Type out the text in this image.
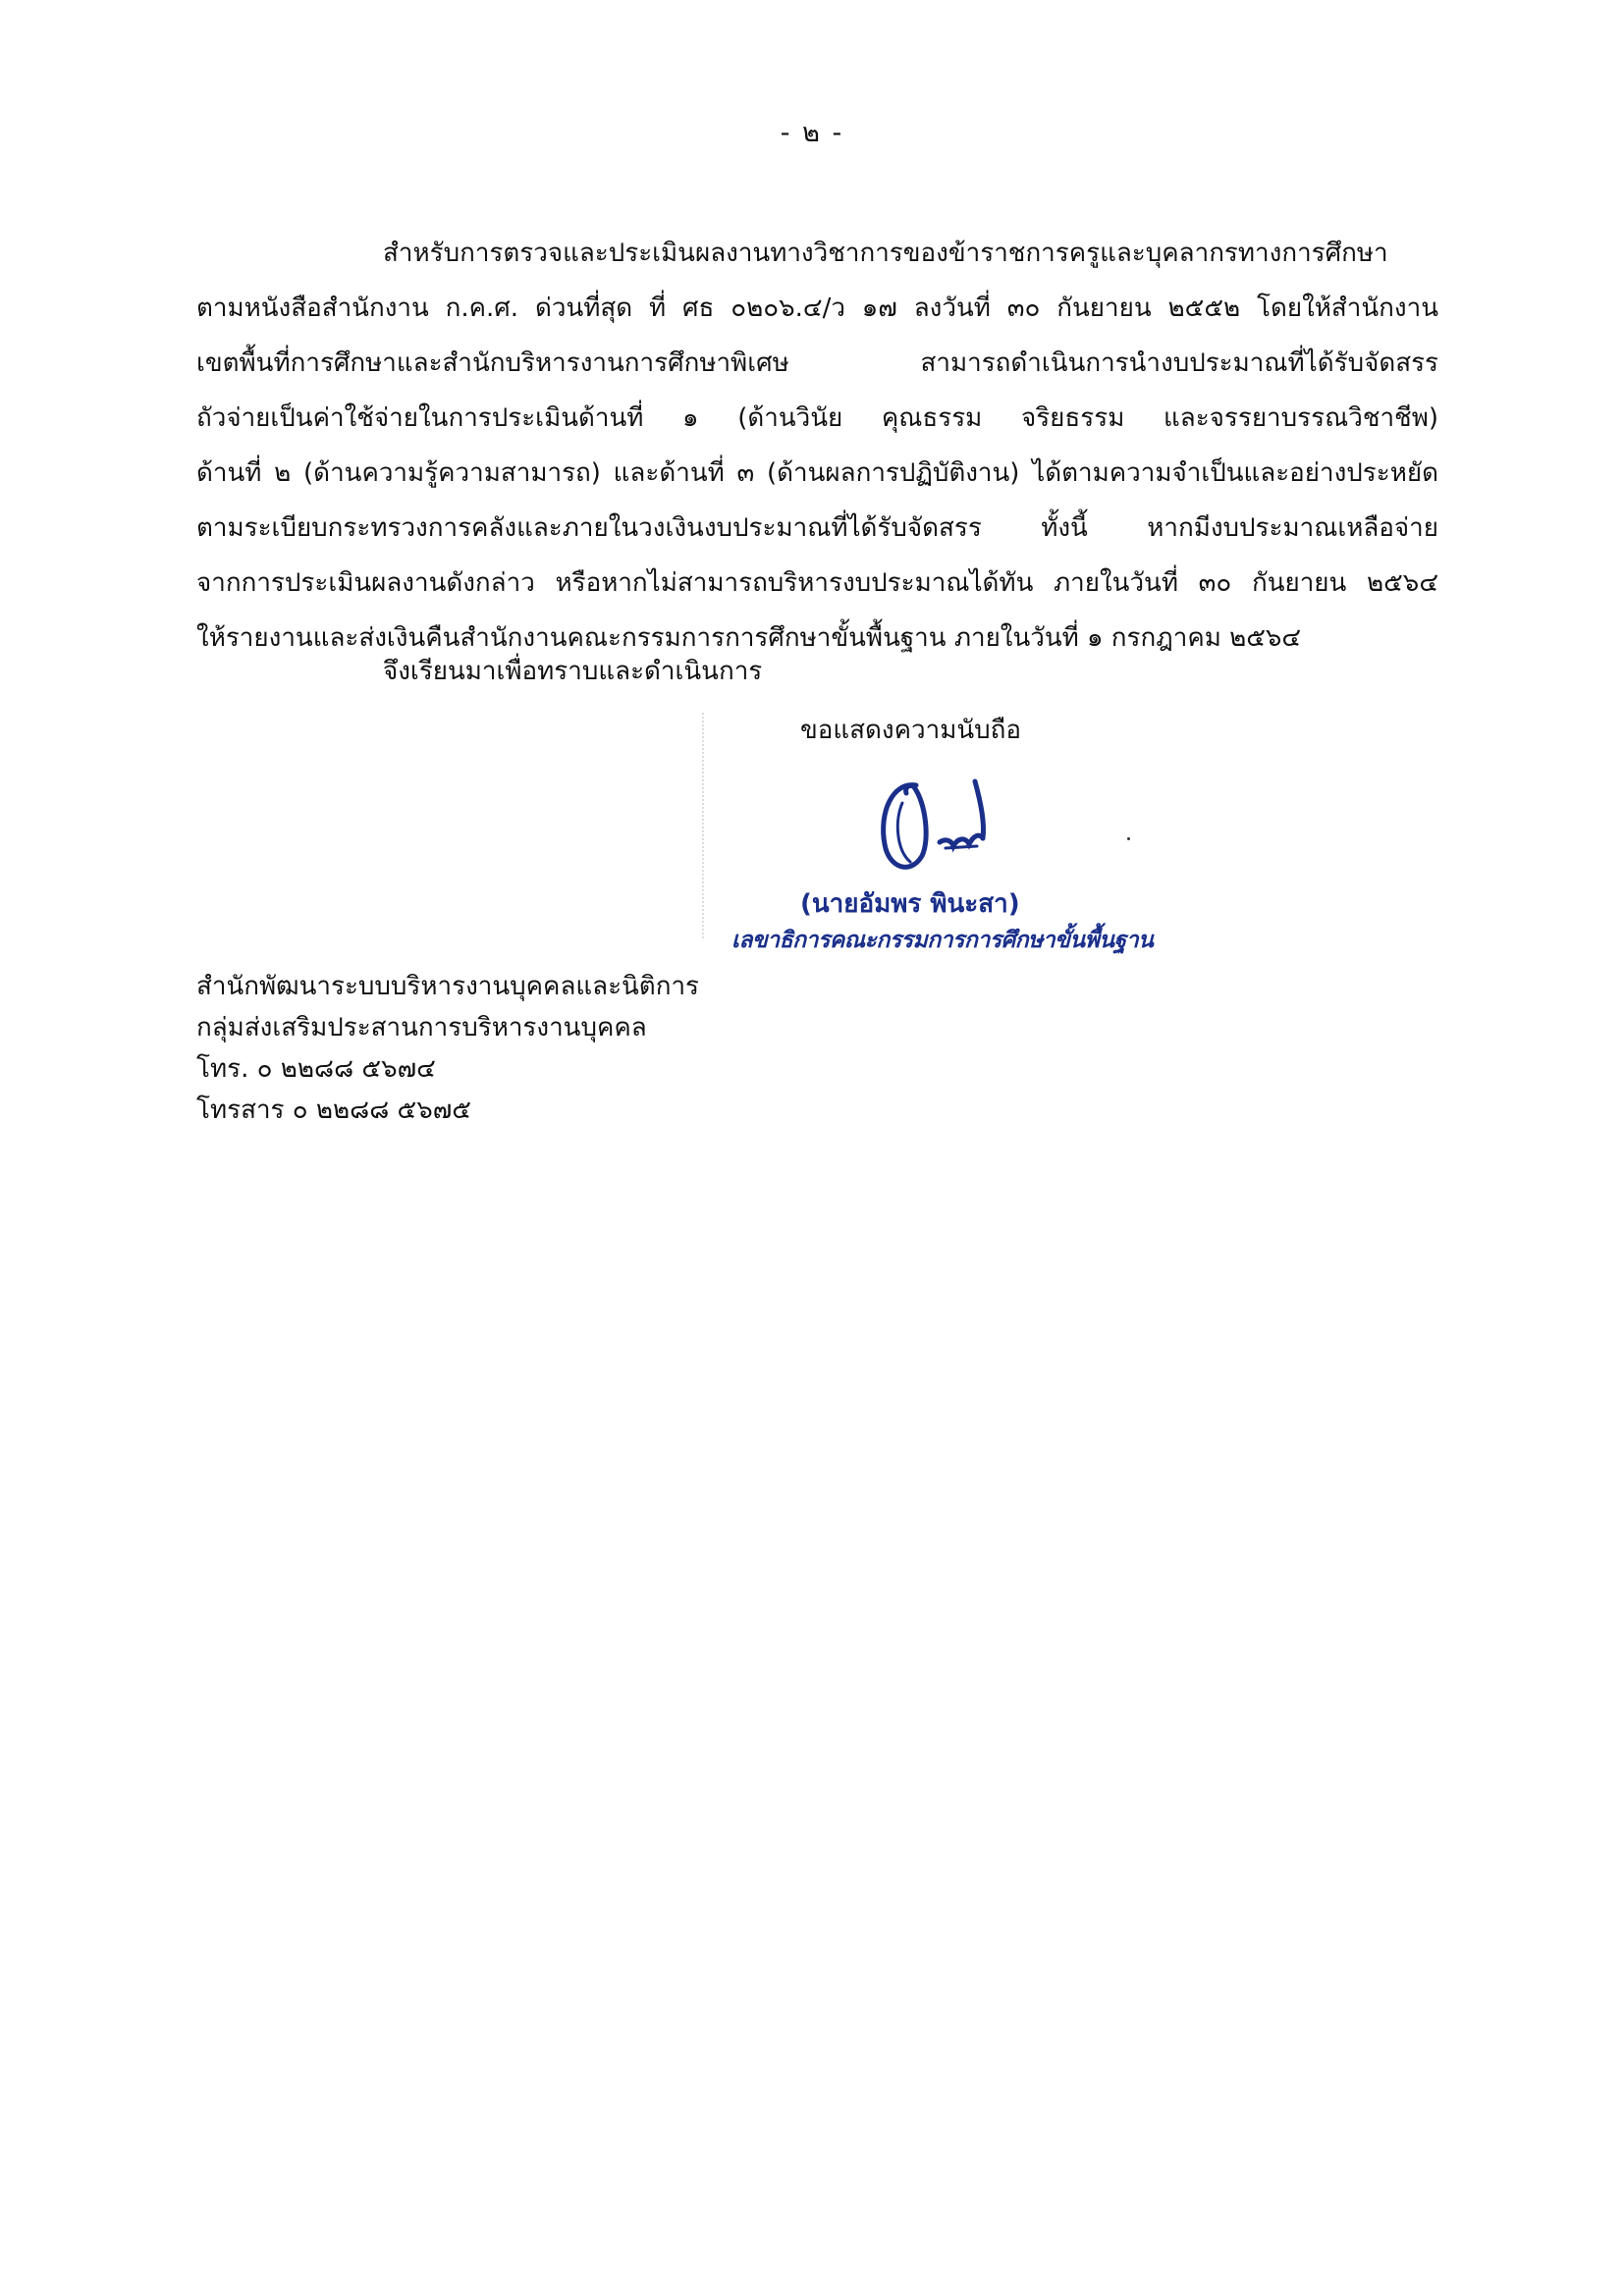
- ๒ -
สำหรับการตรวจและประเมินผลงานทางวิชาการของข้าราชการครูและบุคลากรทางการศึกษา
ตามหนังสือสำนักงาน ก.ค.ศ. ด่วนที่สุด ที่ ศธ ๐๒๐๖.๔/ว ๑๗ ลงวันที่ ๓๐ กันยายน ๒๕๕๒ โดยให้สำนักงาน
เขตพื้นที่การศึกษาและสำนักบริหารงานการศึกษาพิเศษ สามารถดำเนินการนำงบประมาณที่ได้รับจัดสรร
ถัวจ่ายเป็นค่าใช้จ่ายในการประเมินด้านที่ ๑ (ด้านวินัย คุณธรรม จริยธรรม และจรรยาบรรณวิชาชีพ)
ด้านที่ ๒ (ด้านความรู้ความสามารถ) และด้านที่ ๓ (ด้านผลการปฏิบัติงาน) ได้ตามความจำเป็นและอย่างประหยัด
ตามระเบียบกระทรวงการคลังและภายในวงเงินงบประมาณที่ได้รับจัดสรร ทั้งนี้ หากมีงบประมาณเหลือจ่าย
จากการประเมินผลงานดังกล่าว หรือหากไม่สามารถบริหารงบประมาณได้ทัน ภายในวันที่ ๓๐ กันยายน ๒๕๖๔
ให้รายงานและส่งเงินคืนสำนักงานคณะกรรมการการศึกษาขั้นพื้นฐาน ภายในวันที่ ๑ กรกฎาคม ๒๕๖๔
จึงเรียนมาเพื่อทราบและดำเนินการ
ขอแสดงความนับถือ
(นายอัมพร พินะสา)
เลขาธิการคณะกรรมการการศึกษาขั้นพื้นฐาน
สำนักพัฒนาระบบบริหารงานบุคคลและนิติการ
กลุ่มส่งเสริมประสานการบริหารงานบุคคล
โทร. ๐ ๒๒๘๘ ๕๖๗๔
โทรสาร ๐ ๒๒๘๘ ๕๖๗๕
